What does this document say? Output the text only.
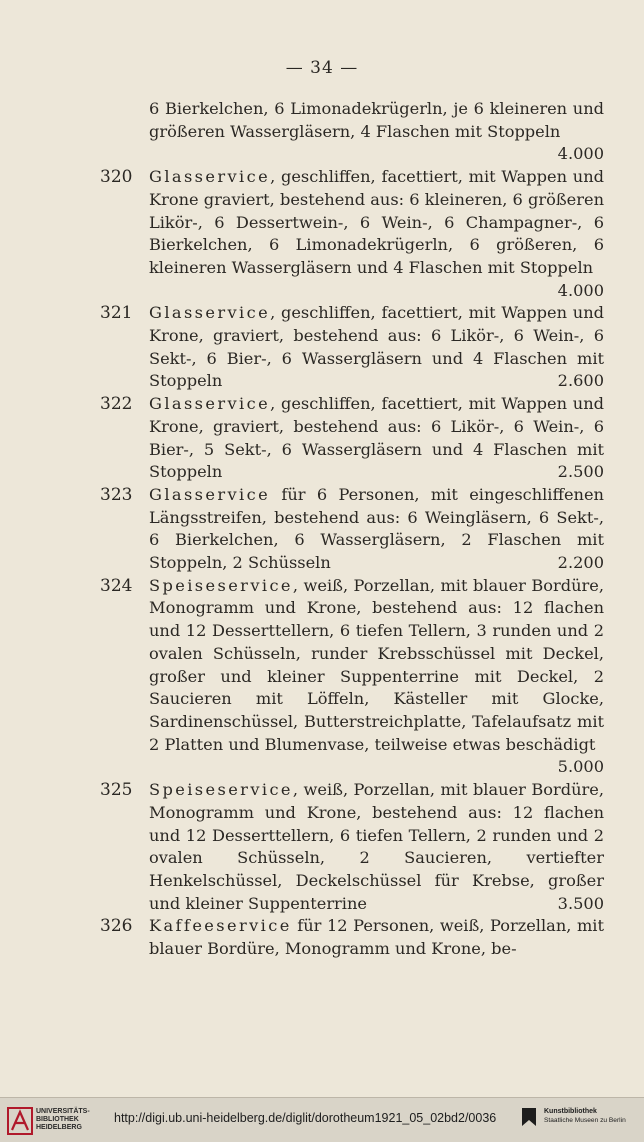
— 34 —
6 Bierkelchen, 6 Limonadekrügerln, je 6 kleineren und größeren Wassergläsern, 4 Flaschen mit Stoppeln
4.000
320	Glasservice, geschliffen, facettiert, mit Wappen und Krone graviert, bestehend aus: 6 kleineren, 6 größeren Likör-, 6 Dessertwein-, 6 Wein-, 6 Champagner-, 6 Bierkelchen, 6 Limonadekrügerln, 6 größeren, 6 kleineren Wassergläsern und 4 Flaschen mit Stoppeln
4.000
321	Glasservice, geschliffen, facettiert, mit Wappen und Krone, graviert, bestehend aus: 6 Likör-, 6 Wein-, 6 Sekt-, 6 Bier-, 6 Wassergläsern und 4 Flaschen mit Stoppeln	2.600
322	Glasservice, geschliffen, facettiert, mit Wappen und Krone, graviert, bestehend aus: 6 Likör-, 6 Wein-, 6 Bier-, 5 Sekt-, 6 Wassergläsern und 4 Flaschen mit Stoppeln	2.500
323	Glasservice für 6 Personen, mit eingeschliffenen Längsstreifen, bestehend aus: 6 Weingläsern, 6 Sekt-, 6 Bierkelchen, 6 Wassergläsern, 2 Flaschen mit Stoppeln, 2 Schüsseln	2.200
324	Speiseservice, weiß, Porzellan, mit blauer Bordüre, Monogramm und Krone, bestehend aus: 12 flachen und 12 Desserttellern, 6 tiefen Tellern, 3 runden und 2 ovalen Schüsseln, runder Krebsschüssel mit Deckel, großer und kleiner Suppenterrine mit Deckel, 2 Saucieren mit Löffeln, Kästeller mit Glocke, Sardinenschüssel, Butterstreichplatte, Tafelaufsatz mit 2 Platten und Blumenvase, teilweise etwas beschädigt
5.000
325	Speiseservice, weiß, Porzellan, mit blauer Bordüre, Monogramm und Krone, bestehend aus: 12 flachen und 12 Desserttellern, 6 tiefen Tellern, 2 runden und 2 ovalen Schüsseln, 2 Saucieren, vertiefter Henkelschüssel, Deckelschüssel für Krebse, großer und kleiner Suppenterrine	3.500
326	Kaffeeservice für 12 Personen, weiß, Porzellan, mit blauer Bordüre, Monogramm und Krone, be-
UNIVERSITÄTS-
BIBLIOTHEK
HEIDELBERG
http://digi.ub.uni-heidelberg.de/diglit/dorotheum1921_05_02bd2/0036	Kunstbibliothek
Staatliche Museen zu Berlin
